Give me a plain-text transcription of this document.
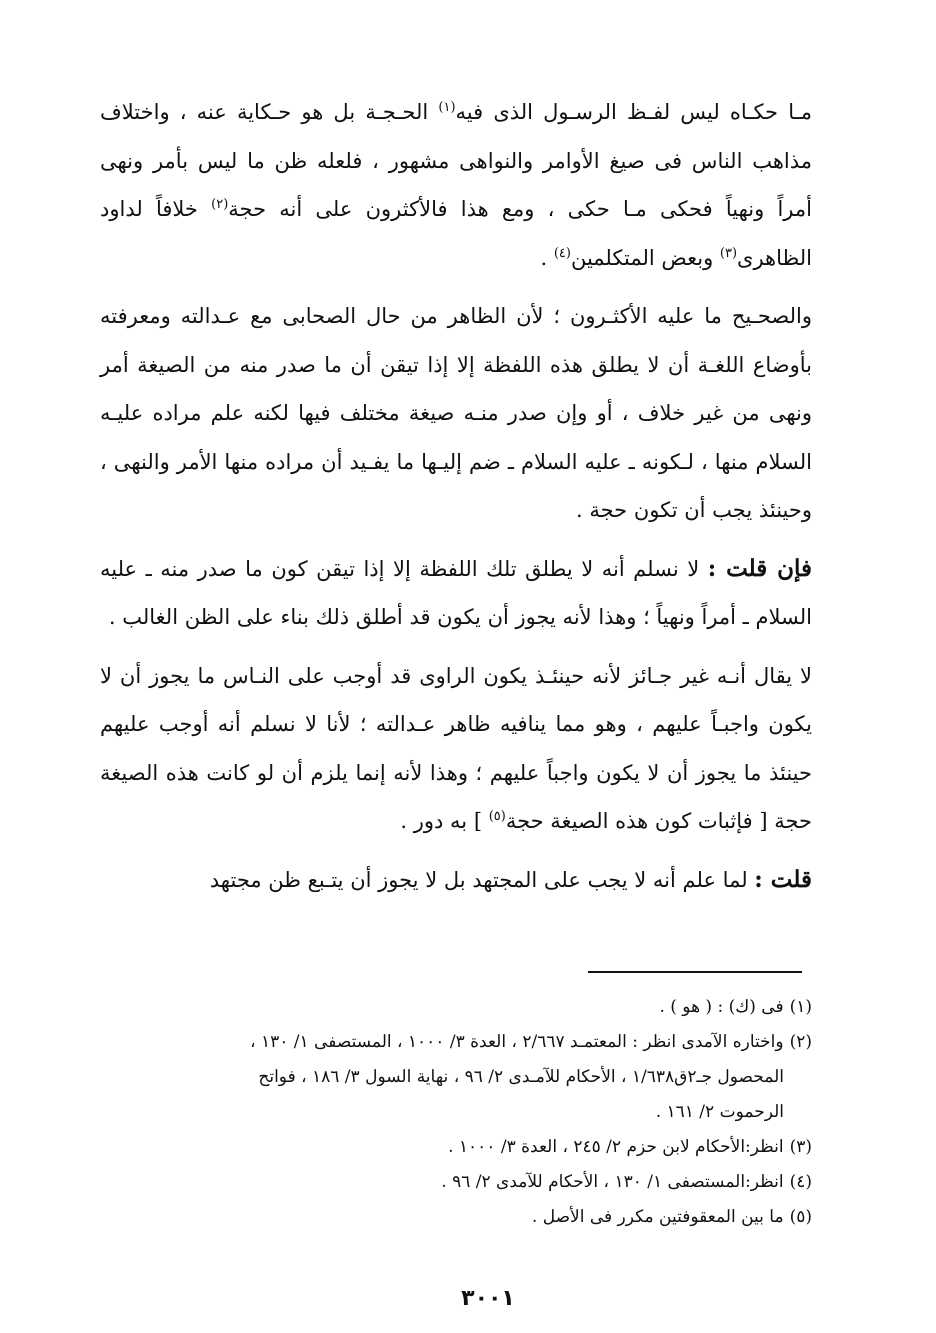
مـا حكـاه ليس لفـظ الرسـول الذى فيه$^{(١)}$ الحـجـة بل هو حـكاية عنه ، واختلاف مذاهب الناس فى صيغ الأوامر والنواهى مشهور ، فلعله ظن ما ليس بأمر ونهى أمراً ونهياً فحكى مـا حكى ، ومع هذا فالأكثرون على أنه حجة$^{(٢)}$ خلافاً لداود الظاهرى$^{(٣)}$ وبعض المتكلمين$^{(٤)}$ .

والصحـيح ما عليه الأكثـرون ؛ لأن الظاهر من حال الصحابى مع عـدالته ومعرفته بأوضاع اللغـة أن لا يطلق هذه اللفظة إلا إذا تيقن أن ما صدر منه من الصيغة أمر ونهى من غير خلاف ، أو وإن صدر منـه صيغة مختلف فيها لكنه علم مراده عليـه السلام منها ، لـكونه ـ عليه السلام ـ ضم إليـها ما يفـيد أن مراده منها الأمر والنهى ، وحينئذ يجب أن تكون حجة .

فإن قلت : لا نسلم أنه لا يطلق تلك اللفظة إلا إذا تيقن كون ما صدر منه ـ عليه السلام ـ أمراً ونهياً ؛ وهذا لأنه يجوز أن يكون قد أطلق ذلك بناء على الظن الغالب .

لا يقال أنـه غير جـائز لأنه حينئـذ يكون الراوى قد أوجب على النـاس ما يجوز أن لا يكون واجبـاً عليهم ، وهو مما ينافيه ظاهر عـدالته ؛ لأنا لا نسلم أنه أوجب عليهم حينئذ ما يجوز أن لا يكون واجباً عليهم ؛ وهذا لأنه إنما يلزم أن لو كانت هذه الصيغة حجة [ فإثبات كون هذه الصيغة حجة$^{(٥)}$ ] به دور .

قلت : لما علم أنه لا يجب على المجتهد بل لا يجوز أن يتـبع ظن مجتهد

(١)فى (ك) : ( هو ) .

(٢)واختاره الآمدى انظر : المعتمـد ٢/٦٦٧ ، العدة ٣/ ١٠٠٠ ، المستصفى ١/ ١٣٠ ،

المحصول جـ٢ق١/٦٣٨ ، الأحكام للآمـدى ٢/ ٩٦ ، نهاية السول ٣/ ١٨٦ ، فواتح

الرحموت ٢/ ١٦١ .

(٣)انظر:الأحكام لابن حزم ٢/ ٢٤٥ ، العدة ٣/ ١٠٠٠ .

(٤)انظر:المستصفى ١/ ١٣٠ ، الأحكام للآمدى ٢/ ٩٦ .

(٥)ما بين المعقوفتين مكرر فى الأصل .

٣٠٠١
